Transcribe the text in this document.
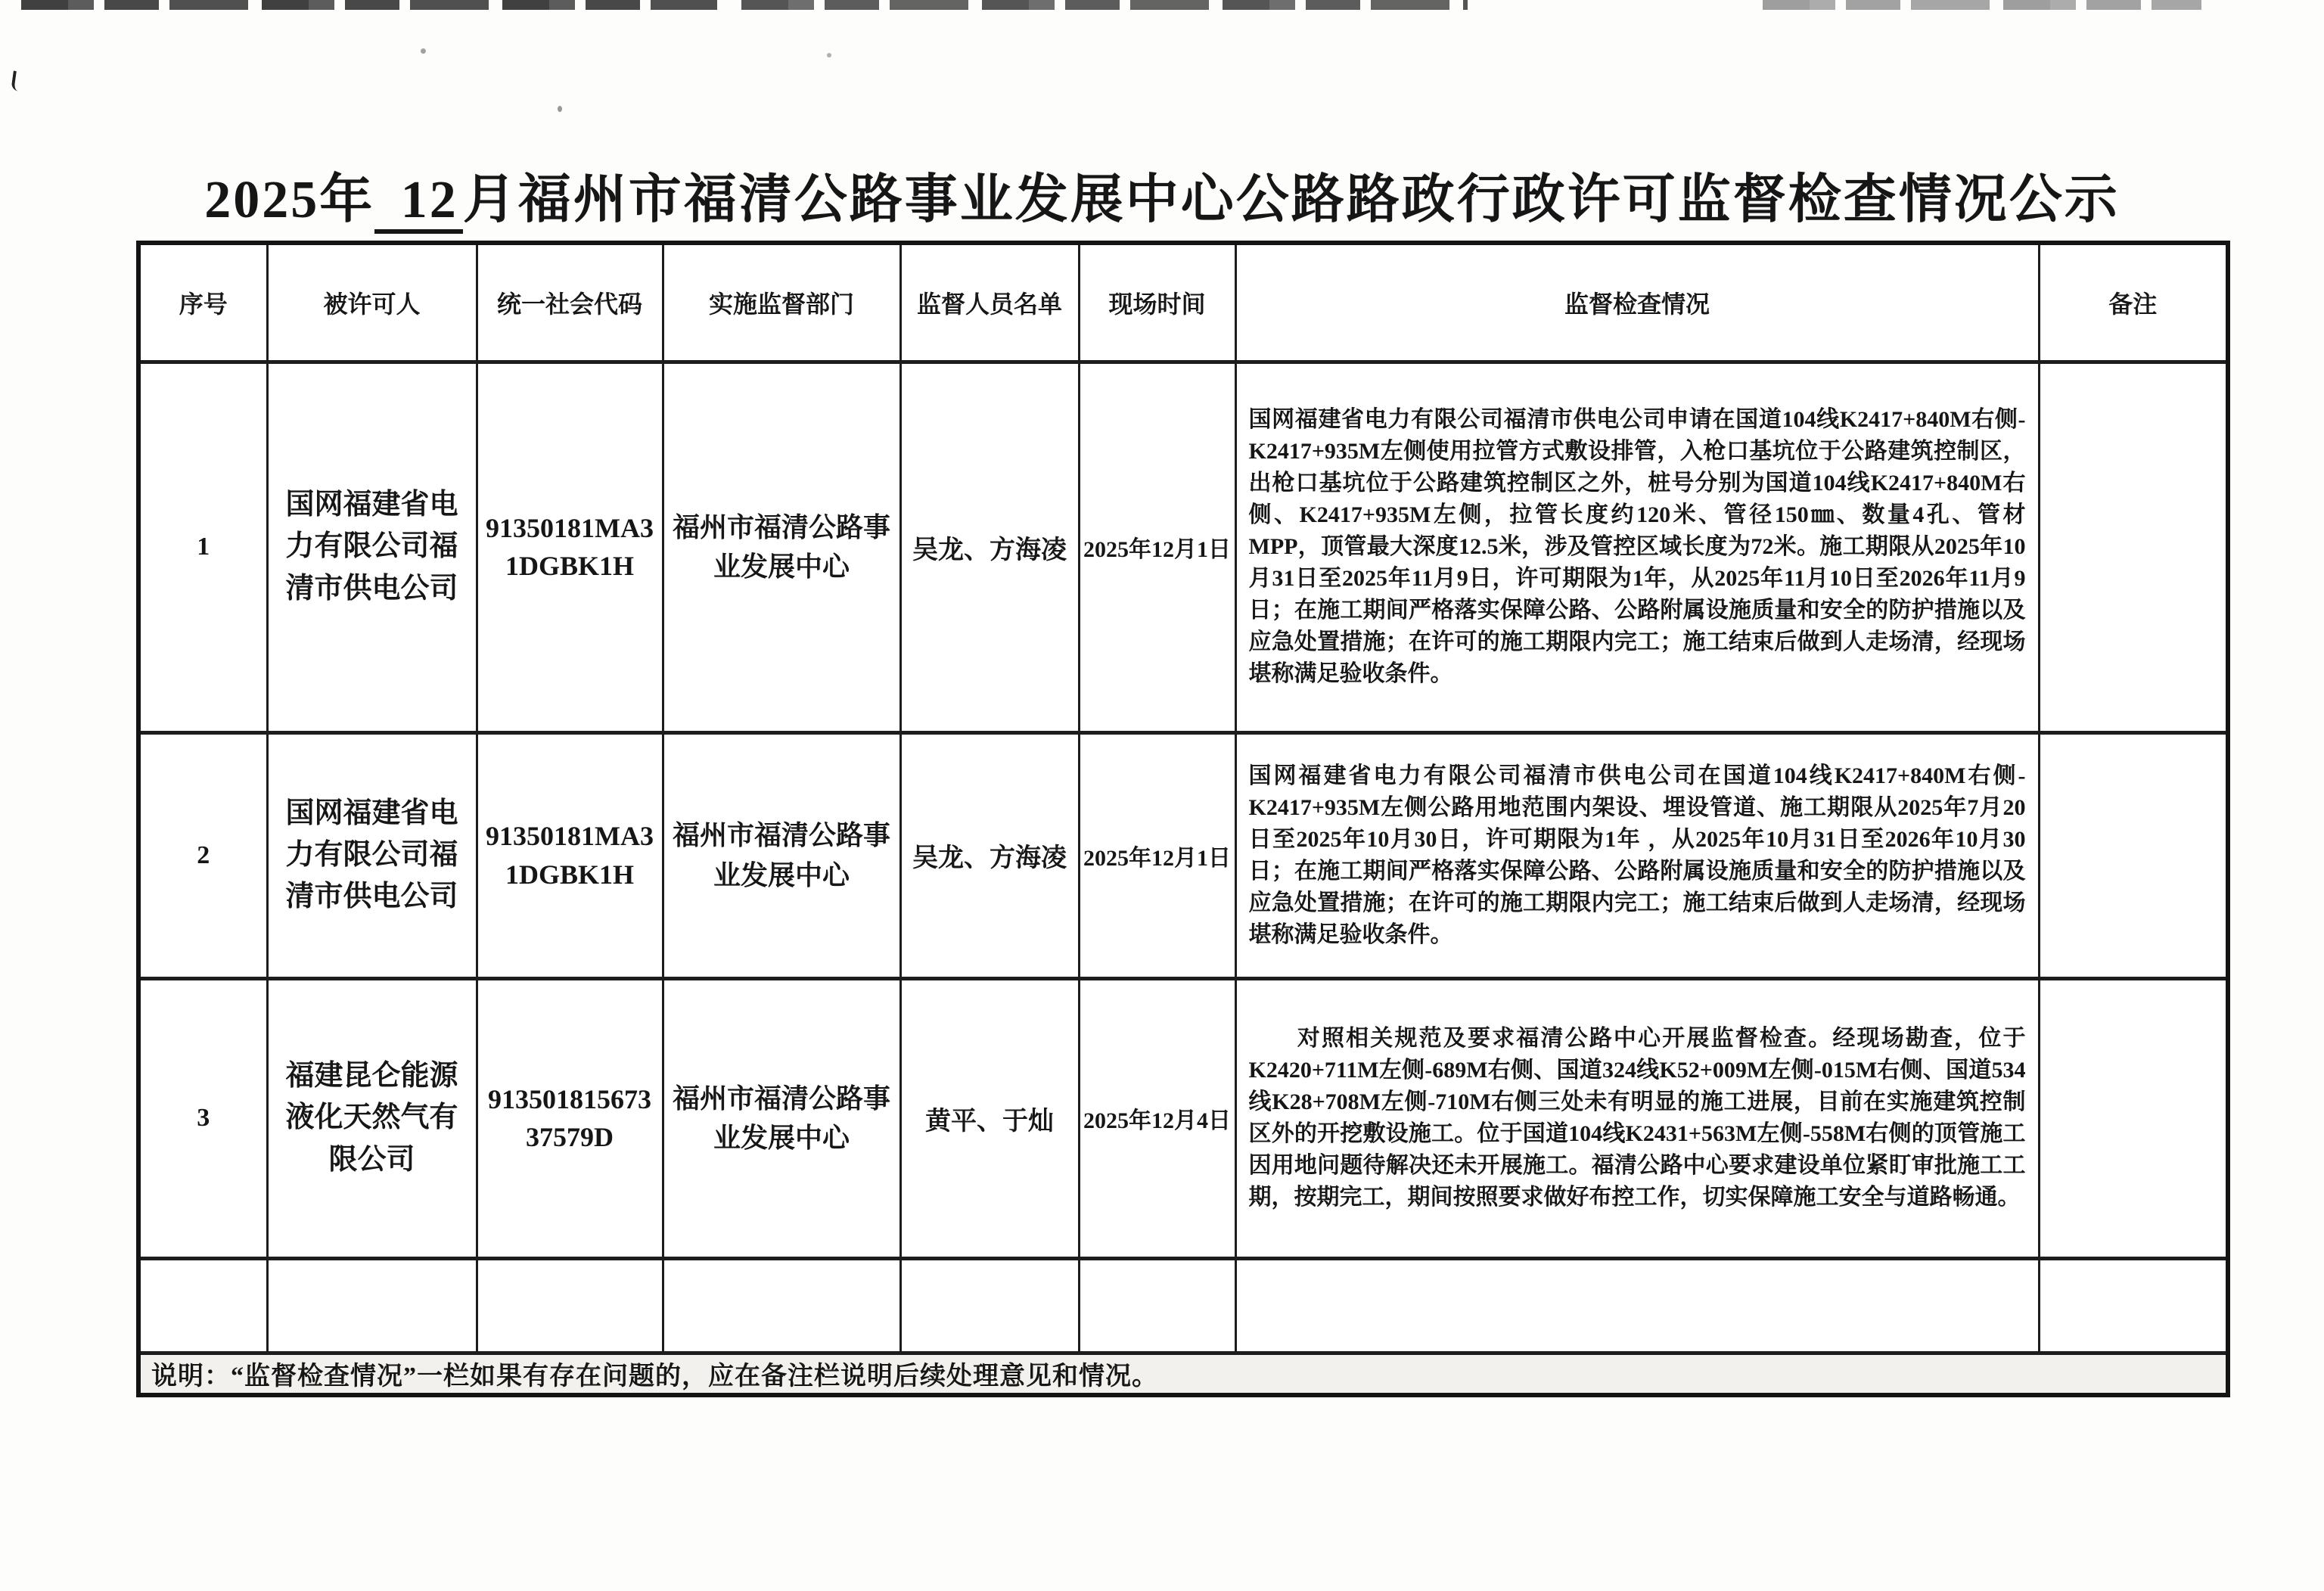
2025年 12月福州市福清公路事业发展中心公路路政行政许可监督检查情况公示
序号	被许可人	统一社会代码	实施监督部门	监督人员名单	现场时间	监督检查情况	备注
1	国网福建省电力有限公司福清市供电公司	91350181MA31DGBK1H	福州市福清公路事业发展中心	吴龙、方海凌	2025年12月1日	国网福建省电力有限公司福清市供电公司申请在国道104线K2417+840M右侧-K2417+935M左侧使用拉管方式敷设排管，入枪口基坑位于公路建筑控制区，出枪口基坑位于公路建筑控制区之外，桩号分别为国道104线K2417+840M右侧、K2417+935M左侧，拉管长度约120米、管径150㎜、数量4孔、管材MPP，顶管最大深度12.5米，涉及管控区域长度为72米。施工期限从2025年10月31日至2025年11月9日，许可期限为1年，从2025年11月10日至2026年11月9日；在施工期间严格落实保障公路、公路附属设施质量和安全的防护措施以及应急处置措施；在许可的施工期限内完工；施工结束后做到人走场清，经现场堪称满足验收条件。	
2	国网福建省电力有限公司福清市供电公司	91350181MA31DGBK1H	福州市福清公路事业发展中心	吴龙、方海凌	2025年12月1日	国网福建省电力有限公司福清市供电公司在国道104线K2417+840M右侧-K2417+935M左侧公路用地范围内架设、埋设管道、施工期限从2025年7月20日至2025年10月30日，许可期限为1年 ，从2025年10月31日至2026年10月30日；在施工期间严格落实保障公路、公路附属设施质量和安全的防护措施以及应急处置措施；在许可的施工期限内完工；施工结束后做到人走场清，经现场堪称满足验收条件。	
3	福建昆仑能源液化天然气有限公司	91350181567337579D	福州市福清公路事业发展中心	黄平、于灿	2025年12月4日	　　对照相关规范及要求福清公路中心开展监督检查。经现场勘查，位于K2420+711M左侧-689M右侧、国道324线K52+009M左侧-015M右侧、国道534线K28+708M左侧-710M右侧三处未有明显的施工进展，目前在实施建筑控制区外的开挖敷设施工。位于国道104线K2431+563M左侧-558M右侧的顶管施工因用地问题待解决还未开展施工。福清公路中心要求建设单位紧盯审批施工工期，按期完工，期间按照要求做好布控工作，切实保障施工安全与道路畅通。	

说明：“监督检查情况”一栏如果有存在问题的，应在备注栏说明后续处理意见和情况。							
